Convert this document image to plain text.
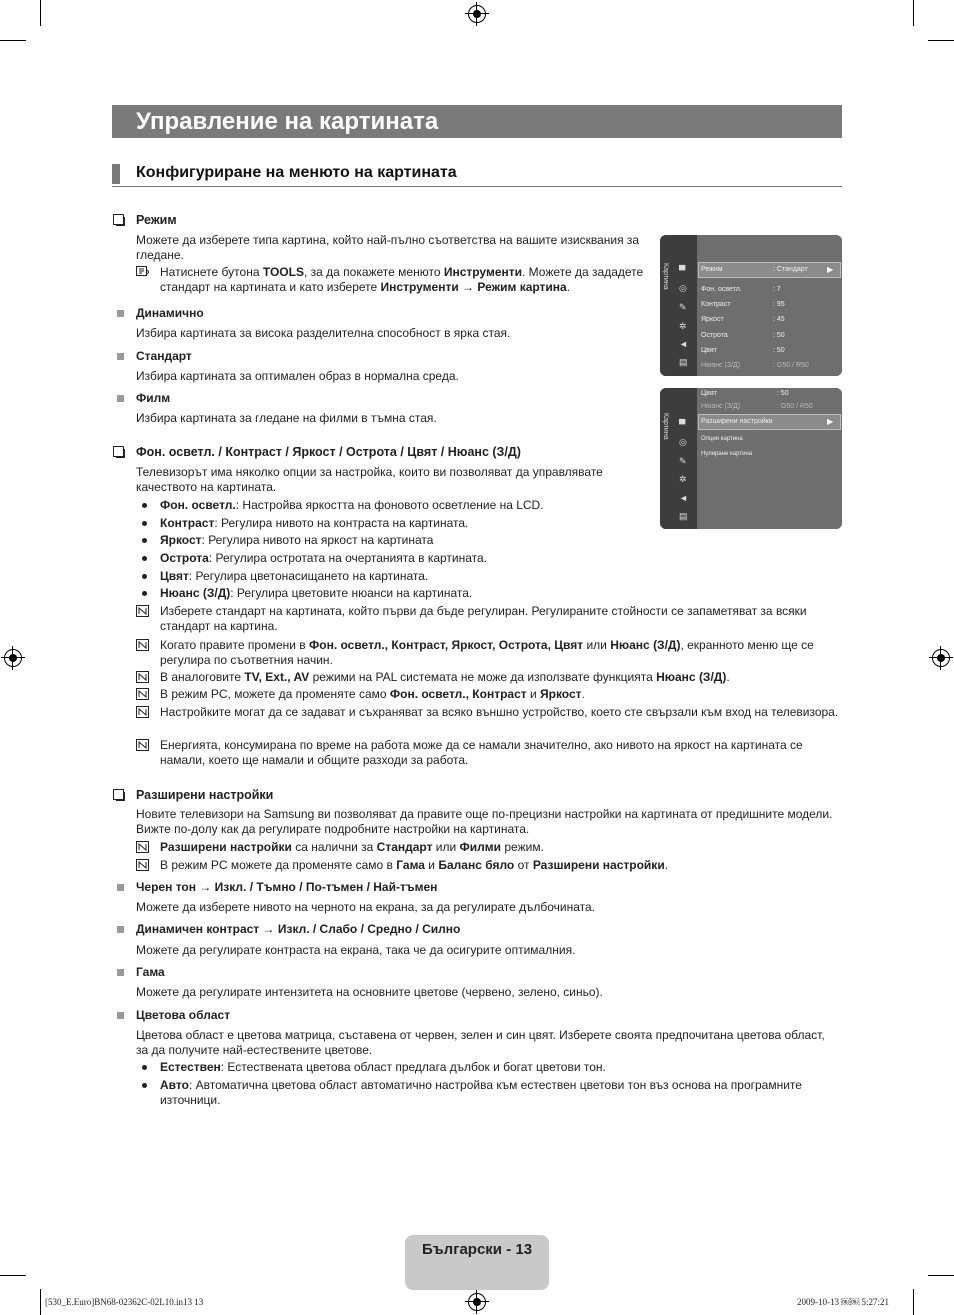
Управление на картината
Конфигуриране на менюто на картината
Режим
Можете да изберете типа картина, който най-пълно съответства на вашите изисквания за гледане.
Натиснете бутона TOOLS, за да покажете менюто Инструменти. Можете да зададете стандарт на картината и като изберете Инструменти → Режим картина.
Динамично
Избира картината за висока разделителна способност в ярка стая.
Стандарт
Избира картината за оптимален образ в нормална среда.
Филм
Избира картината за гледане на филми в тъмна стая.
Фон. осветл. / Контраст / Яркост / Острота / Цвят / Нюанс (З/Д)
Телевизорът има няколко опции за настройка, които ви позволяват да управлявате качеството на картината.
Фон. осветл.: Настройва яркостта на фоновото осветление на LCD.
Контраст: Регулира нивото на контраста на картината.
Яркост: Регулира нивото на яркост на картината
Острота: Регулира остротата на очертанията в картината.
Цвят: Регулира цветонасищането на картината.
Нюанс (З/Д): Регулира цветовите нюанси на картината.
Изберете стандарт на картината, който първи да бъде регулиран. Регулираните стойности се запаметяват за всяки стандарт на картина.
Когато правите промени в Фон. осветл., Контраст, Яркост, Острота, Цвят или Нюанс (З/Д), екранното меню ще се регулира по съответния начин.
В аналоговите TV, Ext., AV режими на PAL системата не може да използвате функцията Нюанс (З/Д).
В режим PC, можете да променяте само Фон. осветл., Контраст и Яркост.
Настройките могат да се задават и съхраняват за всяко външно устройство, което сте свързали към вход на телевизора.
Енергията, консумирана по време на работа може да се намали значително, ако нивото на яркост на картината се намали, което ще намали и общите разходи за работа.
Разширени настройки
Новите телевизори на Samsung ви позволяват да правите още по-прецизни настройки на картината от предишните модели. Вижте по-долу как да регулирате подробните настройки на картината.
Разширени настройки са налични за Стандарт или Филми режим.
В режим PC можете да променяте само в Гама и Баланс бяло от Разширени настройки.
Черен тон → Изкл. / Тъмно / По-тъмен / Най-тъмен
Можете да изберете нивото на черното на екрана, за да регулирате дълбочината.
Динамичен контраст → Изкл. / Слабо / Средно / Силно
Можете да регулирате контраста на екрана, така че да осигурите оптималния.
Гама
Можете да регулирате интензитета на основните цветове (червено, зелено, синьо).
Цветова област
Цветова област е цветова матрица, съставена от червен, зелен и син цвят. Изберете своята предпочитана цветова област, за да получите най-естествените цветове.
Естествен: Естествената цветова област предлага дълбок и богат цветови тон.
Авто: Автоматична цветова област автоматично настройва към естествен цветови тон въз основа на програмните източници.
Картина ▀
◎
✎
✲
◄
▤
Режим	: Стандарт ▶
Фон. осветл.	: 7
Контраст	: 95
Яркост	: 45
Острота	: 50
Цвят	: 50
Нюанс (З/Д)	: G50 / R50
Картина ▀
◎
✎
✲
◄
▤
Цвят	: 50
Нюанс (З/Д)	: G50 / R50
Разширени настройки	▶
Опции картина
Нулиране картина
Български - 13
[530_E.Euro]BN68-02362C-02L10.in13 13	2009-10-13 ￼￼ 5:27:21
